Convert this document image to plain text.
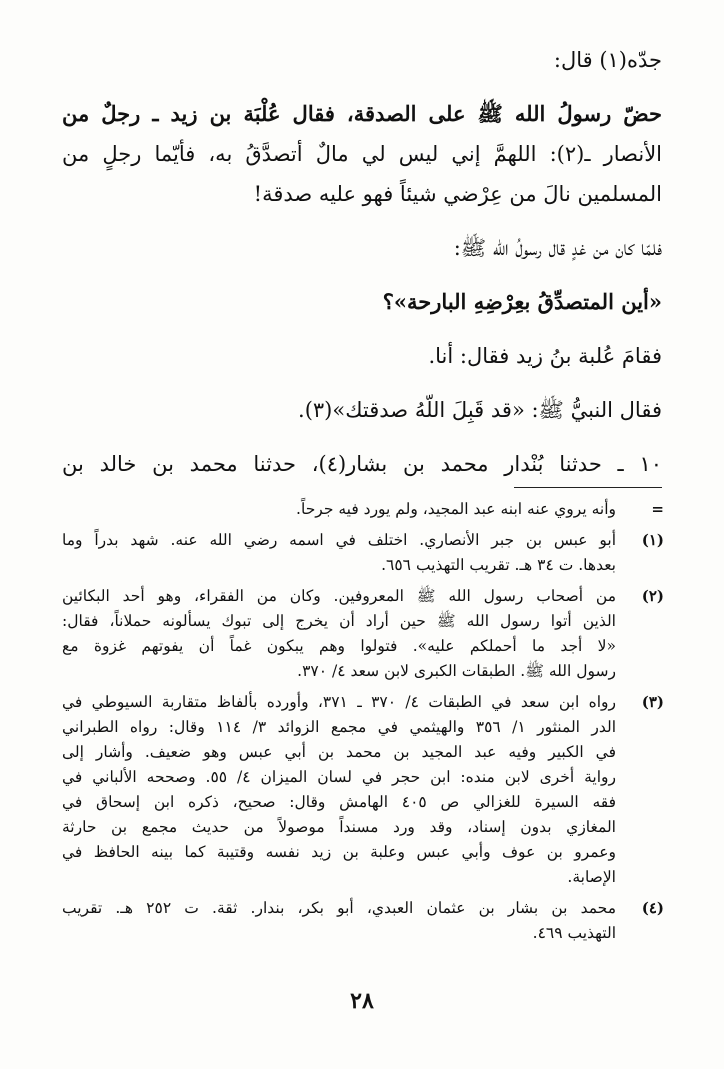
جدّه(١) قال:
حضّ رسولُ الله ﷺ على الصدقة، فقال عُلْبَة بن زيد ـ رجلٌ من
الأنصار ـ(٢): اللهمَّ إني ليس لي مالٌ أتصدَّقُ به، فأيّما رجلٍ من
المسلمين نالَ من عِرْضي شيئاً فهو عليه صدقة!
فلمّا كان من غدٍ قال رسولُ الله ﷺ:
«أين المتصدِّقُ بعِرْضِهِ البارحة»؟
فقامَ عُلبة بنُ زيد فقال: أنا.
فقال النبيُّ ﷺ: «قد قَبِلَ اللّهُ صدقتك»(٣).
١٠ ـ حدثنا بُنْدار محمد بن بشار(٤)، حدثنا محمد بن خالد بن
=
وأنه يروي عنه ابنه عبد المجيد، ولم يورد فيه جرحاً.
(١)
أبو عبس بن جبر الأنصاري. اختلف في اسمه رضي الله عنه. شهد بدراً وما
بعدها. ت ٣٤ هـ. تقريب التهذيب ٦٥٦.
(٢)
من أصحاب رسول الله ﷺ المعروفين. وكان من الفقراء، وهو أحد البكائين
الذين أتوا رسول الله ﷺ حين أراد أن يخرج إلى تبوك يسألونه حملاناً، فقال:
«لا أجد ما أحملكم عليه». فتولوا وهم يبكون غماً أن يفوتهم غزوة مع
رسول الله ﷺ. الطبقات الكبرى لابن سعد ٤/ ٣٧٠.
(٣)
رواه ابن سعد في الطبقات ٤/ ٣٧٠ ـ ٣٧١، وأورده بألفاظ متقاربة السيوطي في
الدر المنثور ١/ ٣٥٦ والهيثمي في مجمع الزوائد ٣/ ١١٤ وقال: رواه الطبراني
في الكبير وفيه عبد المجيد بن محمد بن أبي عبس وهو ضعيف. وأشار إلى
رواية أخرى لابن منده: ابن حجر في لسان الميزان ٤/ ٥٥. وصححه الألباني في
فقه السيرة للغزالي ص ٤٠٥ الهامش وقال: صحيح، ذكره ابن إسحاق في
المغازي بدون إسناد، وقد ورد مسنداً موصولاً من حديث مجمع بن حارثة
وعمرو بن عوف وأبي عبس وعلبة بن زيد نفسه وقتيبة كما بينه الحافظ في
الإصابة.
(٤)
محمد بن بشار بن عثمان العبدي، أبو بكر، بندار. ثقة. ت ٢٥٢ هـ. تقريب
التهذيب ٤٦٩.
٢٨
